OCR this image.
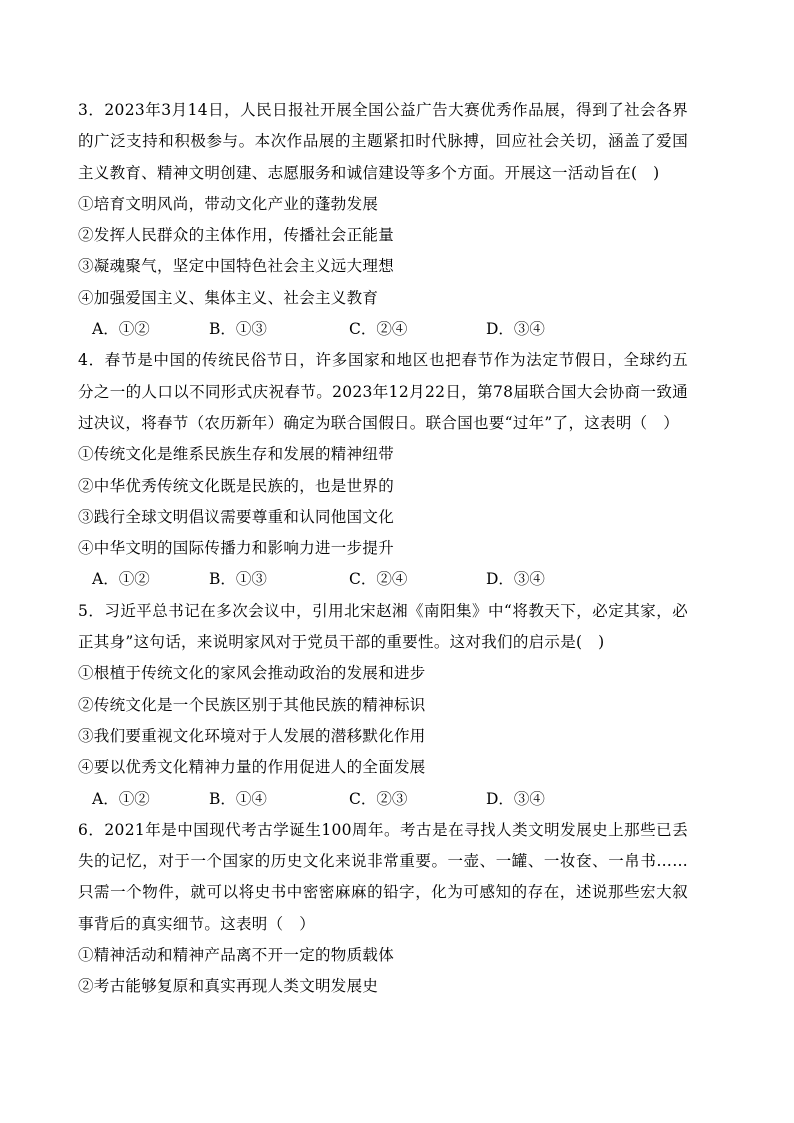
3．2023年3月14日，人民日报社开展全国公益广告大赛优秀作品展，得到了社会各界的广泛支持和积极参与。本次作品展的主题紧扣时代脉搏，回应社会关切，涵盖了爱国主义教育、精神文明创建、志愿服务和诚信建设等多个方面。开展这一活动旨在(　)

①培育文明风尚，带动文化产业的蓬勃发展

②发挥人民群众的主体作用，传播社会正能量

③凝魂聚气，坚定中国特色社会主义远大理想

④加强爱国主义、集体主义、社会主义教育

A．①②	B．①③	C．②④	D．③④

4．春节是中国的传统民俗节日，许多国家和地区也把春节作为法定节假日，全球约五分之一的人口以不同形式庆祝春节。2023年12月22日，第78届联合国大会协商一致通过决议，将春节（农历新年）确定为联合国假日。联合国也要“过年”了，这表明（　）

①传统文化是维系民族生存和发展的精神纽带

②中华优秀传统文化既是民族的，也是世界的

③践行全球文明倡议需要尊重和认同他国文化

④中华文明的国际传播力和影响力进一步提升

A．①②	B．①③	C．②④	D．③④

5．习近平总书记在多次会议中，引用北宋赵湘《南阳集》中“将教天下，必定其家，必正其身”这句话，来说明家风对于党员干部的重要性。这对我们的启示是(　)

①根植于传统文化的家风会推动政治的发展和进步

②传统文化是一个民族区别于其他民族的精神标识

③我们要重视文化环境对于人发展的潜移默化作用

④要以优秀文化精神力量的作用促进人的全面发展

A．①②	B．①④	C．②③	D．③④

6．2021年是中国现代考古学诞生100周年。考古是在寻找人类文明发展史上那些已丢失的记忆，对于一个国家的历史文化来说非常重要。一壶、一罐、一妆奁、一帛书……只需一个物件，就可以将史书中密密麻麻的铅字，化为可感知的存在，述说那些宏大叙事背后的真实细节。这表明（　）

①精神活动和精神产品离不开一定的物质载体

②考古能够复原和真实再现人类文明发展史
